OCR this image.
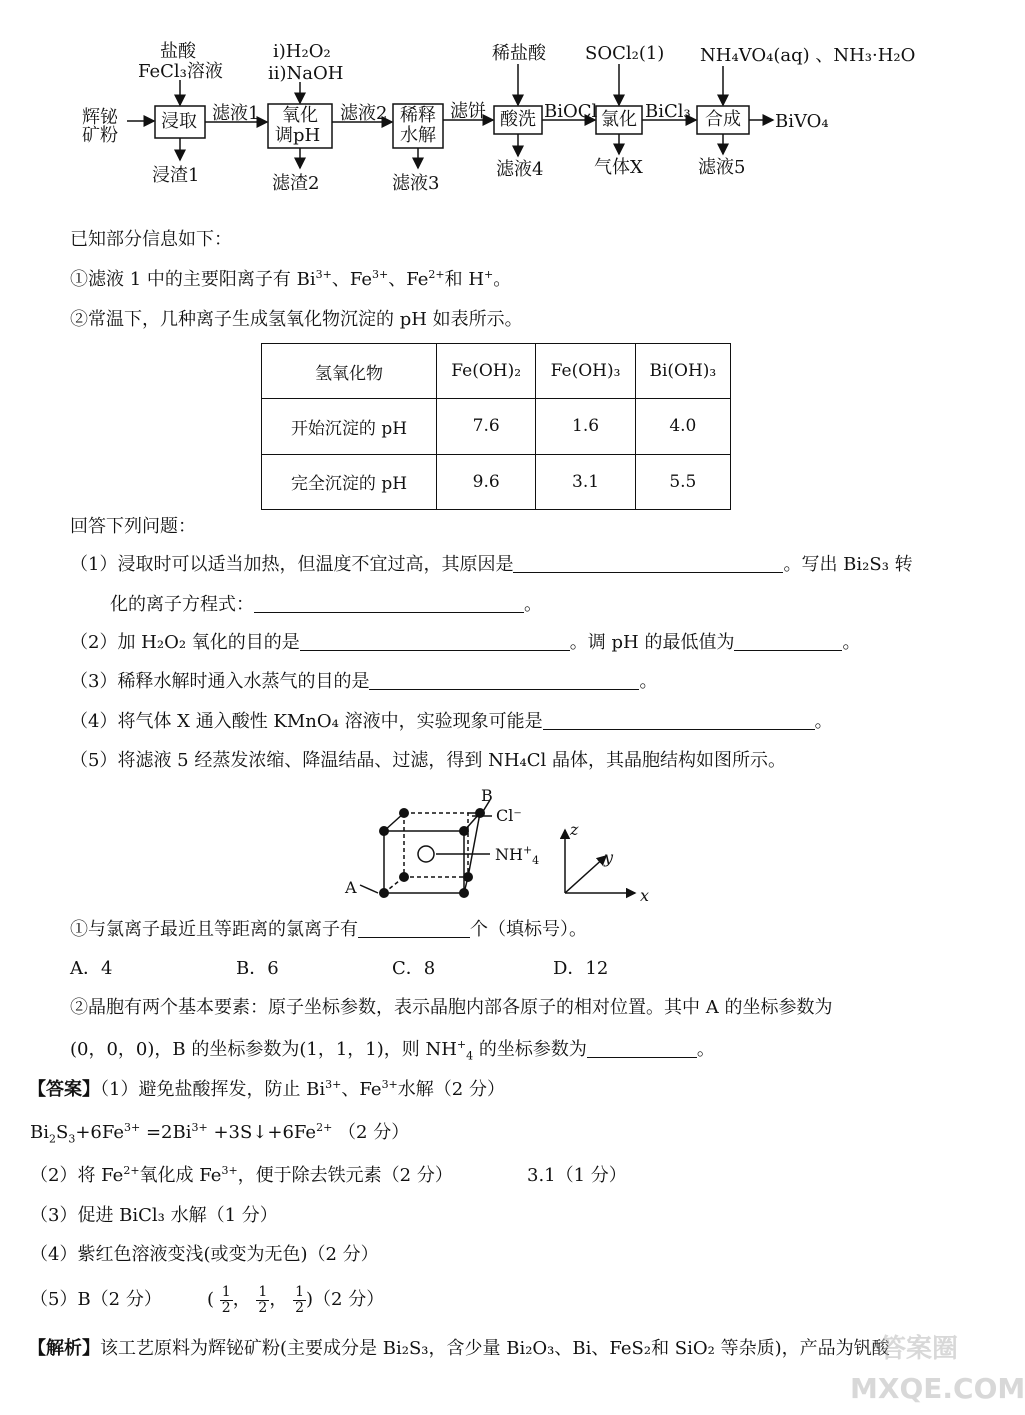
盐酸
FeCl₃溶液
i)H₂O₂
ii)NaOH
稀盐酸 SOCl₂(1) NH₄VO₄(aq) 、NH₃·H₂O
辉铋
矿粉
浸取	氧化
调pH
稀释
水解
酸洗	氯化	合成
滤液1	滤液2	滤饼	BiOCl	BiCl₃	BiVO₄
浸渣1	滤渣2	滤液3
滤液4	气体X	滤液5
已知部分信息如下：
①滤液 1 中的主要阳离子有 $Bi^{3+}$、$Fe^{3+}$、$Fe^{2+}$和 H+。
②常温下，几种离子生成氢氧化物沉淀的 pH 如表所示。
氢氧化物	Fe(OH)₂	Fe(OH)₃	Bi(OH)₃
开始沉淀的 pH	7.6	1.6	4.0
完全沉淀的 pH	9.6	3.1	5.5
回答下列问题：
（1）浸取时可以适当加热，但温度不宜过高，其原因是	。写出 Bi₂S₃ 转
化的离子方程式：	。
（2）加 H₂O₂ 氧化的目的是	。调 pH 的最低值为	。
（3）稀释水解时通入水蒸气的目的是	。
（4）将气体 X 通入酸性 KMnO₄ 溶液中，实验现象可能是	。
（5）将滤液 5 经蒸发浓缩、降温结晶、过滤，得到 NH₄Cl 晶体，其晶胞结构如图所示。
B
Cl⁻
$NH^+_4$
A
z
y
x
①与氯离子最近且等距离的氯离子有	个（填标号）。
A．4	B．6	C．8	D．12
②晶胞有两个基本要素：原子坐标参数，表示晶胞内部各原子的相对位置。其中 A 的坐标参数为
(0，0，0)，B 的坐标参数为(1，1，1)，则 $NH^+_4$ 的坐标参数为	。
【答案】（1）避免盐酸挥发，防止 $Bi^{3+}$、$Fe^{3+}$水解（2 分）
$Bi_2S_3+6Fe^{3+} =2Bi^{3+}$ $+3S↓+6Fe^{2+}$ （2 分）
（2）将 $Fe^{2+}$氧化成 $Fe^{3+}$，便于除去铁元素（2 分）	3.1（1 分）
（3）促进 BiCl₃ 水解（1 分）
（4）紫红色溶液变浅(或变为无色)（2 分）
（5）B（2 分）	( $\frac{1}{2}$ ， $\frac{1}{2}$ ， $\frac{1}{2} )(2$ 分）
【解析】该工艺原料为辉铋矿粉(主要成分是 Bi₂S₃，含少量 Bi₂O₃、Bi、FeS₂和 SiO₂ 等杂质)，产品为钒酸
答案圈
MXQE.COM
